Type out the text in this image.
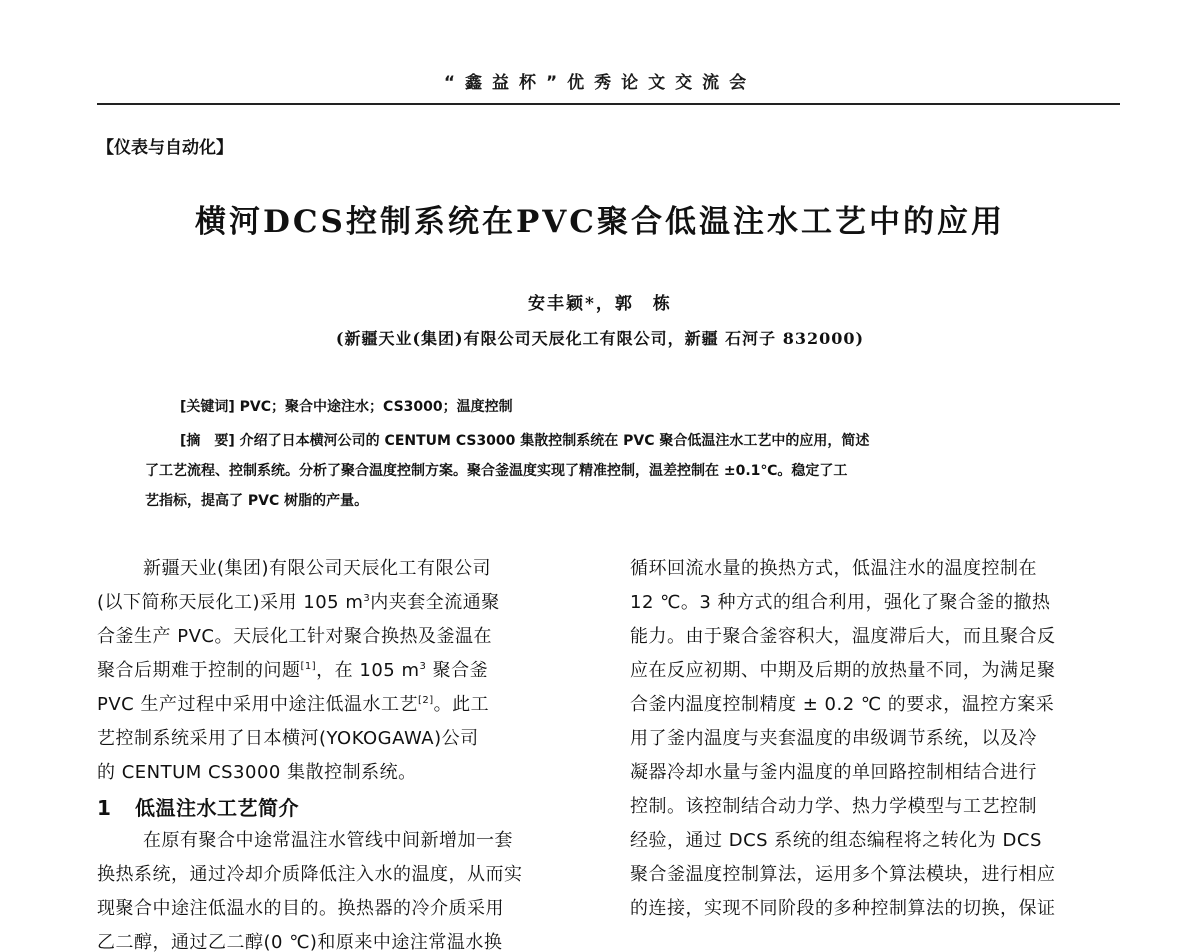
“鑫益杯”优秀论文交流会
【仪表与自动化】
横河DCS控制系统在PVC聚合低温注水工艺中的应用
安丰颖*，郭　栋
(新疆天业(集团)有限公司天辰化工有限公司，新疆 石河子 832000)
[关键词] PVC；聚合中途注水；CS3000；温度控制
[摘　要] 介绍了日本横河公司的 CENTUM CS3000 集散控制系统在 PVC 聚合低温注水工艺中的应用，简述
了工艺流程、控制系统。分析了聚合温度控制方案。聚合釜温度实现了精准控制，温差控制在 ±0.1℃。稳定了工
艺指标，提高了 PVC 树脂的产量。
新疆天业(集团)有限公司天辰化工有限公司
(以下简称天辰化工)采用 105 $m^3$内夹套全流通聚
合釜生产 PVC。天辰化工针对聚合换热及釜温在
聚合后期难于控制的问题[1]，在 105 $m^3$ 聚合釜
PVC 生产过程中采用中途注低温水工艺[2]。此工
艺控制系统采用了日本横河(YOKOGAWA)公司
的 CENTUM CS3000 集散控制系统。
1 低温注水工艺简介
在原有聚合中途常温注水管线中间新增加一套
换热系统，通过冷却介质降低注入水的温度，从而实
现聚合中途注低温水的目的。换热器的冷介质采用
乙二醇，通过乙二醇(0 ℃)和原来中途注常温水换
循环回流水量的换热方式，低温注水的温度控制在
12 ℃。3 种方式的组合利用，强化了聚合釜的撤热
能力。由于聚合釜容积大，温度滞后大，而且聚合反
应在反应初期、中期及后期的放热量不同，为满足聚
合釜内温度控制精度 ± 0.2 ℃ 的要求，温控方案采
用了釜内温度与夹套温度的串级调节系统，以及冷
凝器冷却水量与釜内温度的单回路控制相结合进行
控制。该控制结合动力学、热力学模型与工艺控制
经验，通过 DCS 系统的组态编程将之转化为 DCS
聚合釜温度控制算法，运用多个算法模块，进行相应
的连接，实现不同阶段的多种控制算法的切换，保证
